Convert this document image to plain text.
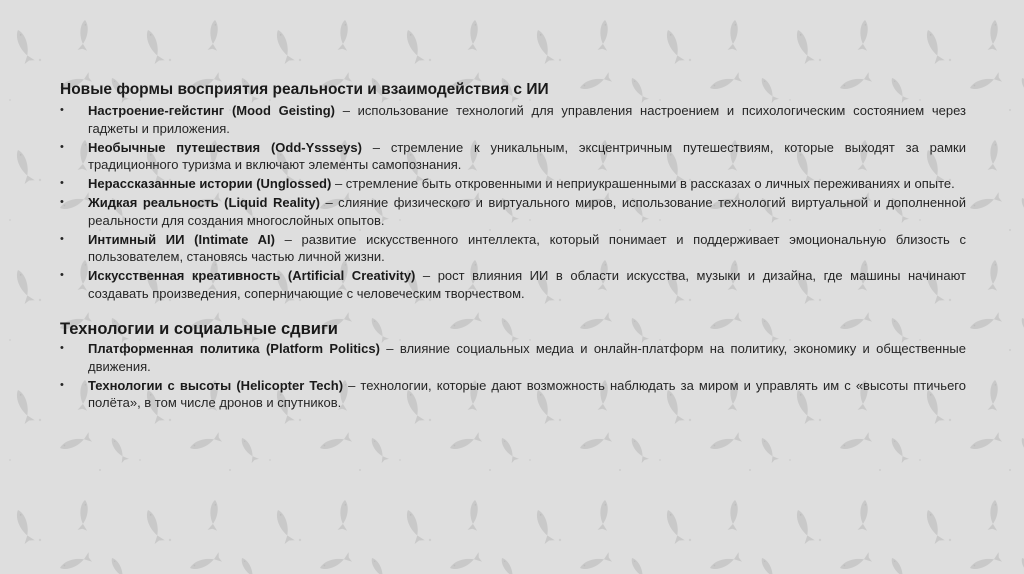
Новые формы восприятия реальности и взаимодействия с ИИ
• Настроение-гейстинг (Mood Geisting) – использование технологий для управления настроением и психологическим состоянием через гаджеты и приложения.
• Необычные путешествия (Odd-Yssseys) – стремление к уникальным, эксцентричным путешествиям, которые выходят за рамки традиционного туризма и включают элементы самопознания.
• Нерассказанные истории (Unglossed) – стремление быть откровенными и неприукрашенными в рассказах о личных переживаниях и опыте.
• Жидкая реальность (Liquid Reality) – слияние физического и виртуального миров, использование технологий виртуальной и дополненной реальности для создания многослойных опытов.
• Интимный ИИ (Intimate AI) – развитие искусственного интеллекта, который понимает и поддерживает эмоциональную близость с пользователем, становясь частью личной жизни.
• Искусственная креативность (Artificial Creativity) – рост влияния ИИ в области искусства, музыки и дизайна, где машины начинают создавать произведения, соперничающие с человеческим творчеством.
Технологии и социальные сдвиги
• Платформенная политика (Platform Politics) – влияние социальных медиа и онлайн-платформ на политику, экономику и общественные движения.
• Технологии с высоты (Helicopter Tech) – технологии, которые дают возможность наблюдать за миром и управлять им с «высоты птичьего полёта», в том числе дронов и спутников.
